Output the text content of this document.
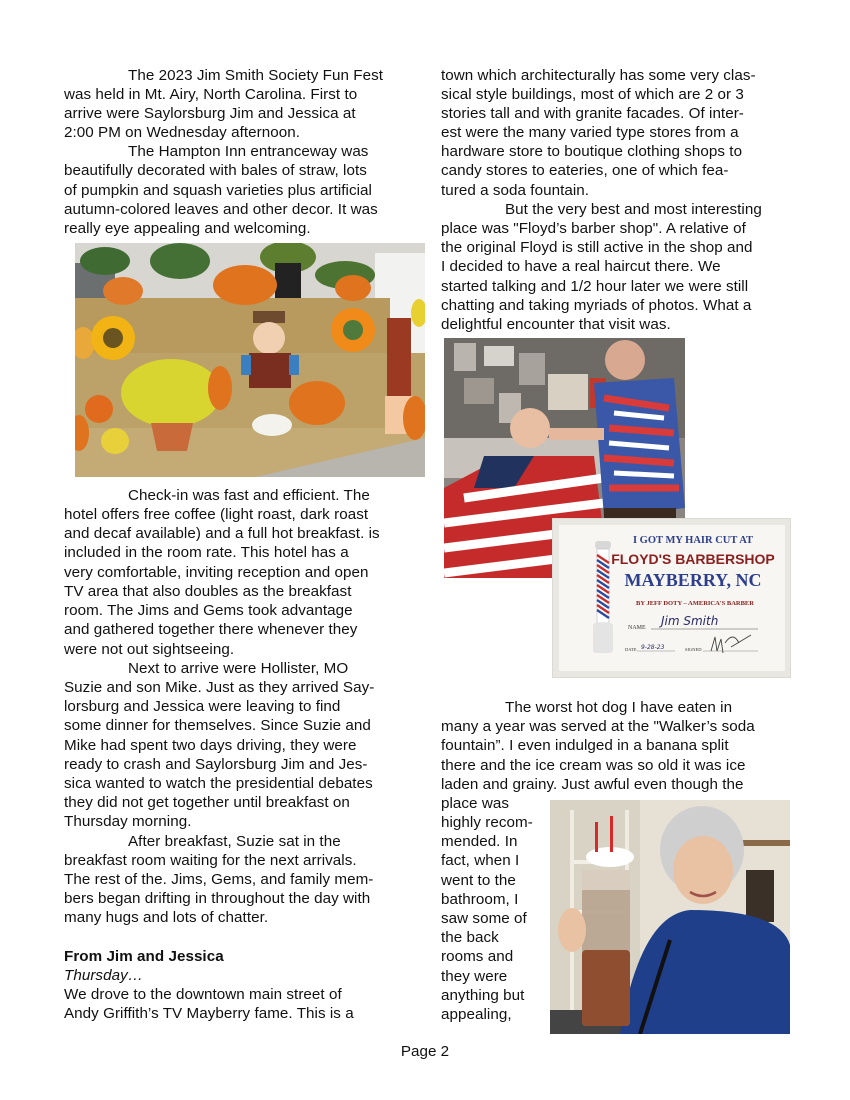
The 2023 Jim Smith Society Fun Fest
was held in Mt. Airy, North Carolina. First to
arrive were Saylorsburg Jim and Jessica at
2:00 PM on Wednesday afternoon.
The Hampton Inn entranceway was
beautifully decorated with bales of straw, lots
of pumpkin and squash varieties plus artificial
autumn-colored leaves and other decor. It was
really eye appealing and welcoming.
Check-in was fast and efficient. The
hotel offers free coffee (light roast, dark roast
and decaf available) and a full hot breakfast. is
included in the room rate. This hotel has a
very comfortable, inviting reception and open
TV area that also doubles as the breakfast
room. The Jims and Gems took advantage
and gathered together there whenever they
were not out sightseeing.
Next to arrive were Hollister, MO
Suzie and son Mike. Just as they arrived Say-
lorsburg and Jessica were leaving to find
some dinner for themselves. Since Suzie and
Mike had spent two days driving, they were
ready to crash and Saylorsburg Jim and Jes-
sica wanted to watch the presidential debates
they did not get together until breakfast on
Thursday morning.
After breakfast, Suzie sat in the
breakfast room waiting for the next arrivals.
The rest of the. Jims, Gems, and family mem-
bers began drifting in throughout the day with
many hugs and lots of chatter.
From Jim and Jessica
Thursday…
We drove to the downtown main street of
Andy Griffith’s TV Mayberry fame. This is a
town which architecturally has some very clas-
sical style buildings, most of which are 2 or 3
stories tall and with granite facades. Of inter-
est were the many varied type stores from a
hardware store to boutique clothing shops to
candy stores to eateries, one of which fea-
tured a soda fountain.
But the very best and most interesting
place was "Floyd’s barber shop". A relative of
the original Floyd is still active in the shop and
I decided to have a real haircut there. We
started talking and 1/2 hour later we were still
chatting and taking myriads of photos. What a
delightful encounter that visit was.
I GOT MY HAIR CUT AT
FLOYD'S BARBERSHOP
MAYBERRY, NC
BY JEFF DOTY – AMERICA'S BARBER
NAME Jim Smith
DATE 9-28-23	SIGNED
The worst hot dog I have eaten in
many a year was served at the "Walker’s soda
fountain”. I even indulged in a banana split
there and the ice cream was so old it was ice
laden and grainy. Just awful even though the
place was
highly recom-
mended. In
fact, when I
went to the
bathroom, I
saw some of
the back
rooms and
they were
anything but
appealing,
Page 2
